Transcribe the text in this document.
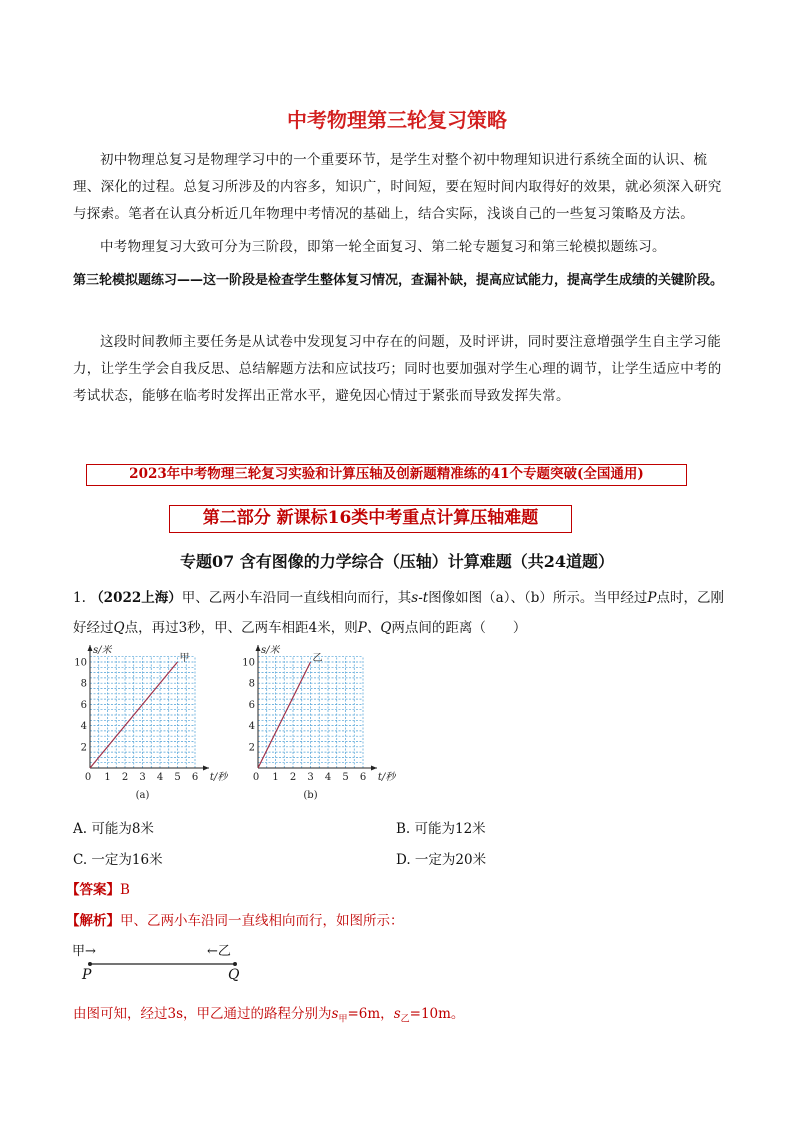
中考物理第三轮复习策略
初中物理总复习是物理学习中的一个重要环节，是学生对整个初中物理知识进行系统全面的认识、梳理、深化的过程。总复习所涉及的内容多，知识广，时间短，要在短时间内取得好的效果，就必须深入研究与探索。笔者在认真分析近几年物理中考情况的基础上，结合实际，浅谈自己的一些复习策略及方法。
中考物理复习大致可分为三阶段，即第一轮全面复习、第二轮专题复习和第三轮模拟题练习。
第三轮模拟题练习——这一阶段是检查学生整体复习情况，查漏补缺，提高应试能力，提高学生成绩的关键阶段。
这段时间教师主要任务是从试卷中发现复习中存在的问题，及时评讲，同时要注意增强学生自主学习能力，让学生学会自我反思、总结解题方法和应试技巧；同时也要加强对学生心理的调节，让学生适应中考的考试状态，能够在临考时发挥出正常水平，避免因心情过于紧张而导致发挥失常。
2023年中考物理三轮复习实验和计算压轴及创新题精准练的41个专题突破(全国通用)
第二部分 新课标16类中考重点计算压轴难题
专题07 含有图像的力学综合（压轴）计算难题（共24道题）
1. （2022上海）甲、乙两小车沿同一直线相向而行，其s-t图像如图（a）、（b）所示。当甲经过P点时，乙刚好经过Q点，再过3秒，甲、乙两车相距4米，则P、Q两点间的距离（　　）
0 1 2 3 4 5 6
2
4
6
8
10
s/米
t/秒
甲
(a)
0 1 2 3 4 5 6
2
4
6
8
10
s/米
t/秒
乙
(b)
A. 可能为8米	B. 可能为12米
C. 一定为16米	D. 一定为20米
【答案】B
【解析】甲、乙两小车沿同一直线相向而行，如图所示：
甲→	←乙
P	Q
由图可知，经过3s，甲乙通过的路程分别为$s_甲=6m$，$s_乙=10m$。
